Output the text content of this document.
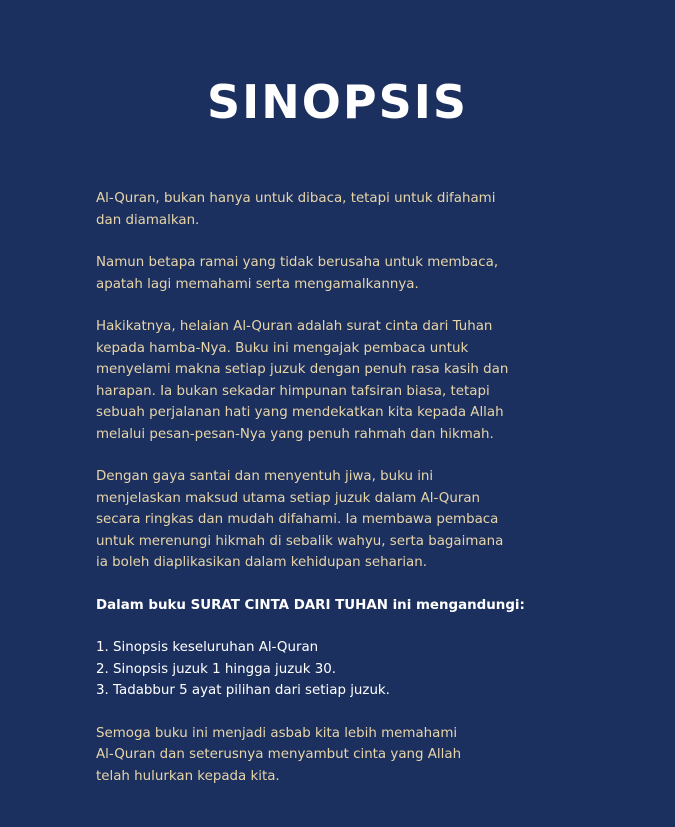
SINOPSIS

Al-Quran, bukan hanya untuk dibaca, tetapi untuk difahami
dan diamalkan.

Namun betapa ramai yang tidak berusaha untuk membaca,
apatah lagi memahami serta mengamalkannya.

Hakikatnya, helaian Al-Quran adalah surat cinta dari Tuhan
kepada hamba-Nya. Buku ini mengajak pembaca untuk
menyelami makna setiap juzuk dengan penuh rasa kasih dan
harapan. Ia bukan sekadar himpunan tafsiran biasa, tetapi
sebuah perjalanan hati yang mendekatkan kita kepada Allah
melalui pesan-pesan-Nya yang penuh rahmah dan hikmah.

Dengan gaya santai dan menyentuh jiwa, buku ini
menjelaskan maksud utama setiap juzuk dalam Al-Quran
secara ringkas dan mudah difahami. Ia membawa pembaca
untuk merenungi hikmah di sebalik wahyu, serta bagaimana
ia boleh diaplikasikan dalam kehidupan seharian.

Dalam buku SURAT CINTA DARI TUHAN ini mengandungi:

1. Sinopsis keseluruhan Al-Quran
2. Sinopsis juzuk 1 hingga juzuk 30.
3. Tadabbur 5 ayat pilihan dari setiap juzuk.

Semoga buku ini menjadi asbab kita lebih memahami
Al-Quran dan seterusnya menyambut cinta yang Allah
telah hulurkan kepada kita.
